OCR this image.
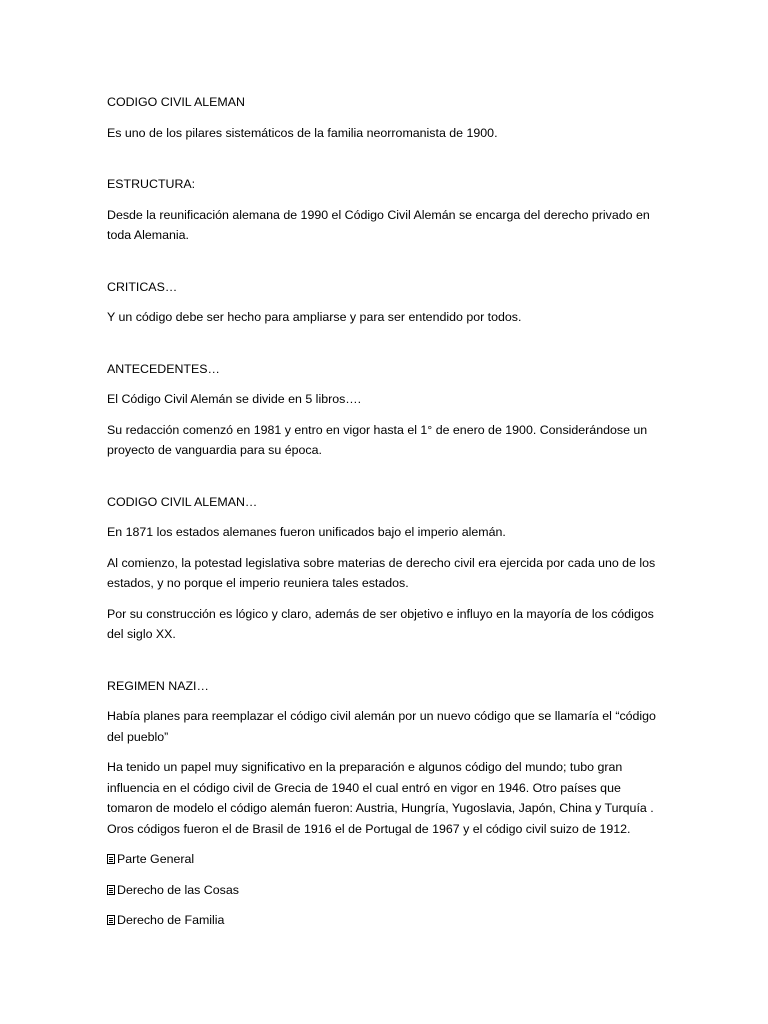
CODIGO CIVIL ALEMAN
Es uno de los pilares sistemáticos de la familia neorromanista de 1900.
ESTRUCTURA:
Desde la reunificación alemana de 1990 el Código Civil Alemán se encarga del derecho privado en toda Alemania.
CRITICAS…
Y un código debe ser hecho para ampliarse y para ser entendido por todos.
ANTECEDENTES…
El Código Civil Alemán se divide en 5 libros….
Su redacción comenzó en 1981 y entro en vigor hasta el 1° de enero de 1900. Considerándose un proyecto de vanguardia para su época.
CODIGO CIVIL ALEMAN…
En 1871 los estados alemanes fueron unificados bajo el imperio alemán.
Al comienzo, la potestad legislativa sobre materias de derecho civil era ejercida por cada uno de los estados, y no porque el imperio reuniera tales estados.
Por su construcción es lógico y claro, además de ser objetivo e influyo en la mayoría de los códigos del siglo XX.
REGIMEN NAZI…
Había planes para reemplazar el código civil alemán por un nuevo código que se llamaría el “código del pueblo”
Ha tenido un papel muy significativo en la preparación e algunos código del mundo; tubo gran influencia en el código civil de Grecia de 1940 el cual entró en vigor en 1946. Otro países que tomaron de modelo el código alemán fueron: Austria, Hungría, Yugoslavia, Japón, China y Turquía . Oros códigos fueron el de Brasil de 1916 el de Portugal de 1967 y el código civil suizo de 1912.
Parte General
Derecho de las Cosas
Derecho de Familia
